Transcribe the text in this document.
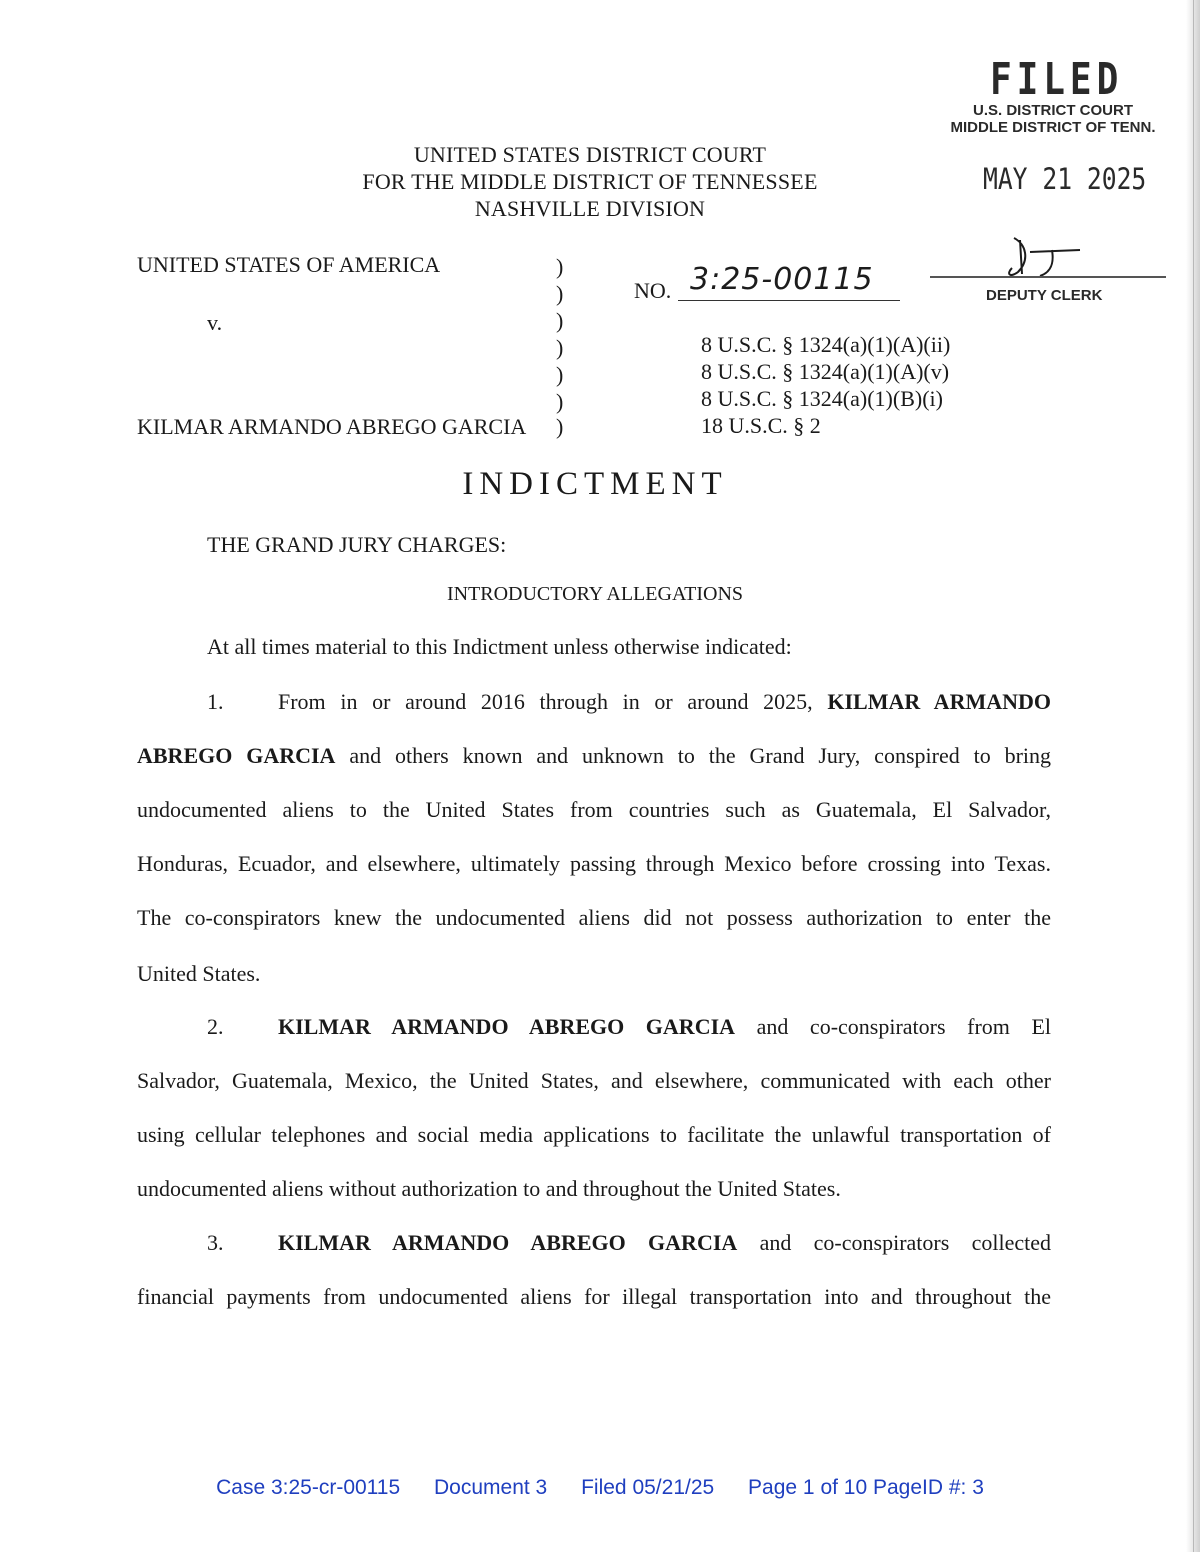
FILED
U.S. DISTRICT COURT
MIDDLE DISTRICT OF TENN.
MAY 21 2025
UNITED STATES DISTRICT COURT
FOR THE MIDDLE DISTRICT OF TENNESSEE
NASHVILLE DIVISION
UNITED STATES OF AMERICA
v.
KILMAR ARMANDO ABREGO GARCIA
)
)
)
)
)
)
)
NO. 3:25-00115	DEPUTY CLERK
8 U.S.C. § 1324(a)(1)(A)(ii)
8 U.S.C. § 1324(a)(1)(A)(v)
8 U.S.C. § 1324(a)(1)(B)(i)
18 U.S.C. § 2
INDICTMENT
THE GRAND JURY CHARGES:
INTRODUCTORY ALLEGATIONS
At all times material to this Indictment unless otherwise indicated:
1. From in or around 2016 through in or around 2025, KILMAR ARMANDO
ABREGO GARCIA and others known and unknown to the Grand Jury, conspired to bring
undocumented aliens to the United States from countries such as Guatemala, El Salvador,
Honduras, Ecuador, and elsewhere, ultimately passing through Mexico before crossing into Texas.
The co-conspirators knew the undocumented aliens did not possess authorization to enter the
United States.
2. KILMAR ARMANDO ABREGO GARCIA and co-conspirators from El
Salvador, Guatemala, Mexico, the United States, and elsewhere, communicated with each other
using cellular telephones and social media applications to facilitate the unlawful transportation of
undocumented aliens without authorization to and throughout the United States.
3. KILMAR ARMANDO ABREGO GARCIA and co-conspirators collected
financial payments from undocumented aliens for illegal transportation into and throughout the
Case 3:25-cr-00115 Document 3 Filed 05/21/25 Page 1 of 10 PageID #: 3
